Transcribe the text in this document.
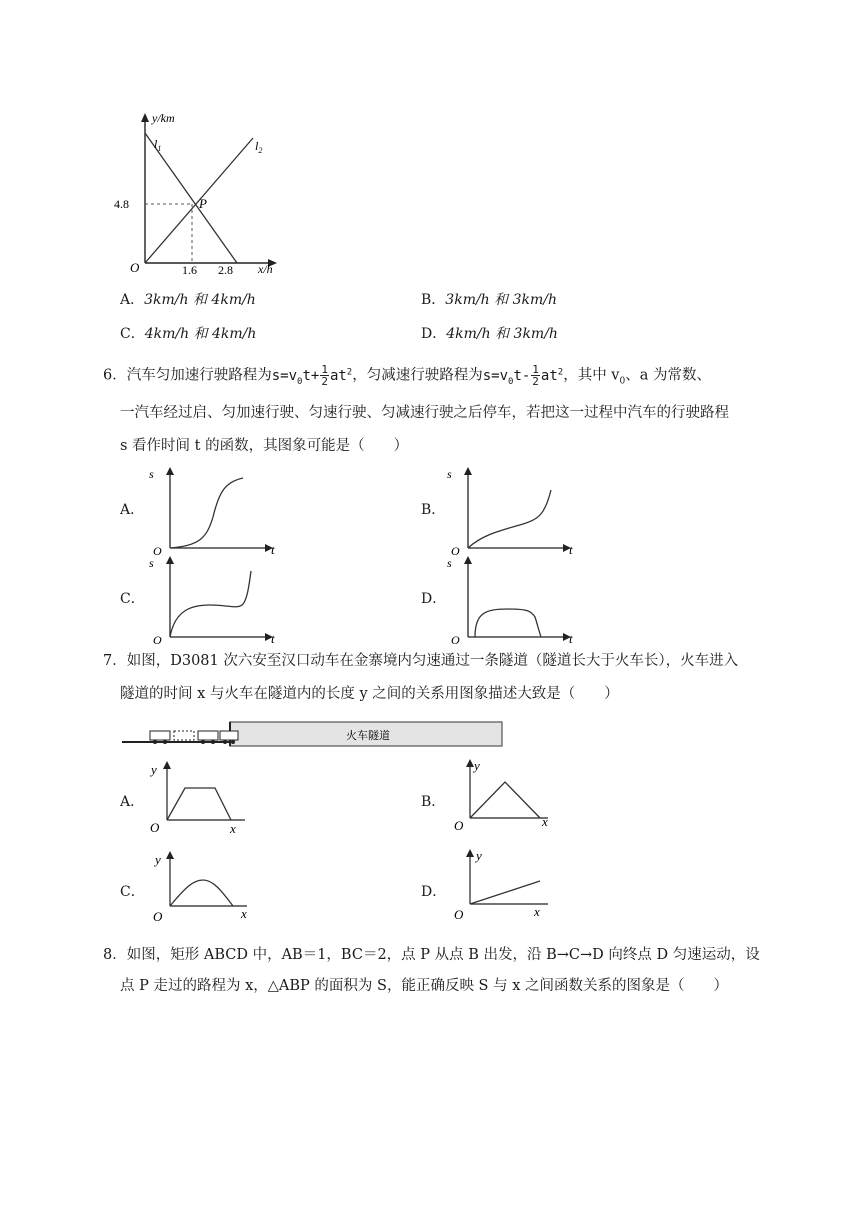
y/km
x/h
O
4.8
1.6 2.8
P
$l_1$	$l_2$
A．3km/h 和 4km/h	B．3km/h 和 3km/h
C．4km/h 和 4km/h	D．4km/h 和 3km/h
6．汽车匀加速行驶路程为$s=v_0t+ \frac{1}{2} at^2$，匀减速行驶路程为$s=v_0t- \frac{1}{2} at^2$，其中 $v_0$、a 为常数、
一汽车经过启、匀加速行驶、匀速行驶、匀减速行驶之后停车，若把这一过程中汽车的行驶路程
s 看作时间 t 的函数，其图象可能是（　　）
A．
s
t
O
B．
s
t
O
C．
s
t
O
D．
s
t
O
7．如图，D3081 次六安至汉口动车在金寨境内匀速通过一条隧道（隧道长大于火车长），火车进入
隧道的时间 x 与火车在隧道内的长度 y 之间的关系用图象描述大致是（　　）
火车隧道
A．
y
x
O
B．
y
x
O
C．
y
x
O
D．
y
x
O
8．如图，矩形 ABCD 中，AB＝1，BC＝2，点 P 从点 B 出发，沿 B→C→D 向终点 D 匀速运动，设
点 P 走过的路程为 x，△ABP 的面积为 S，能正确反映 S 与 x 之间函数关系的图象是（　　）
